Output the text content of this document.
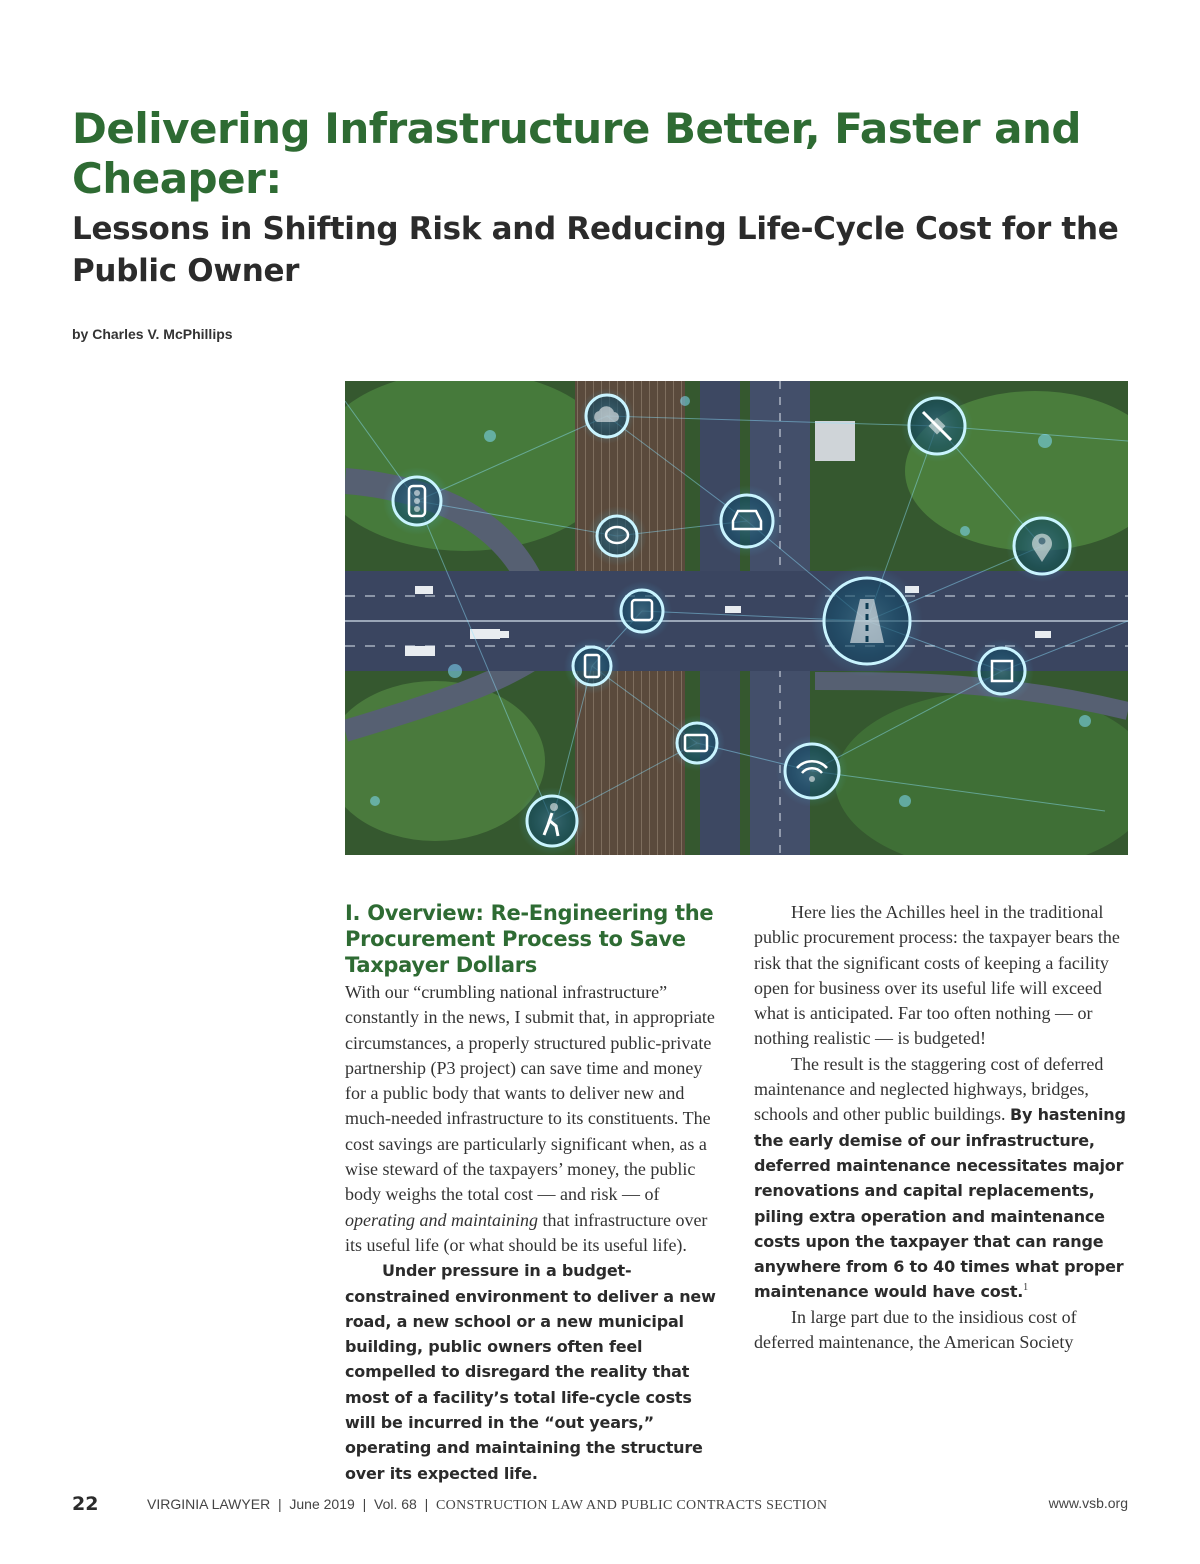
Delivering Infrastructure Better, Faster and Cheaper:
Lessons in Shifting Risk and Reducing Life-Cycle Cost for the Public Owner

by Charles V. McPhillips

I. Overview: Re-Engineering the
Procurement Process to Save
Taxpayer Dollars

With our “crumbling national infrastructure” constantly in the news, I submit that, in appropriate circumstances, a properly structured public-private partnership (P3 project) can save time and money for a public body that wants to deliver new and much-needed infrastructure to its constituents. The cost savings are particularly significant when, as a wise steward of the taxpayers’ money, the public body weighs the total cost — and risk — of operating and maintaining that infrastructure over its useful life (or what should be its useful life).

Under pressure in a budget-constrained environment to deliver a new road, a new school or a new municipal building, public owners often feel compelled to disregard the reality that most of a facility’s total life-cycle costs will be incurred in the “out years,” operating and maintaining the structure over its expected life.

Here lies the Achilles heel in the traditional public procurement process: the taxpayer bears the risk that the significant costs of keeping a facility open for business over its useful life will exceed what is anticipated. Far too often nothing — or nothing realistic — is budgeted!

The result is the staggering cost of deferred maintenance and neglected highways, bridges, schools and other public buildings. By hastening the early demise of our infrastructure, deferred maintenance necessitates major renovations and capital replacements, piling extra operation and maintenance costs upon the taxpayer that can range anywhere from 6 to 40 times what proper maintenance would have cost.$^1$

In large part due to the insidious cost of deferred maintenance, the American Society

22	VIRGINIA LAWYER | June 2019 | Vol. 68 | CONSTRUCTION LAW AND PUBLIC CONTRACTS SECTION	www.vsb.org
